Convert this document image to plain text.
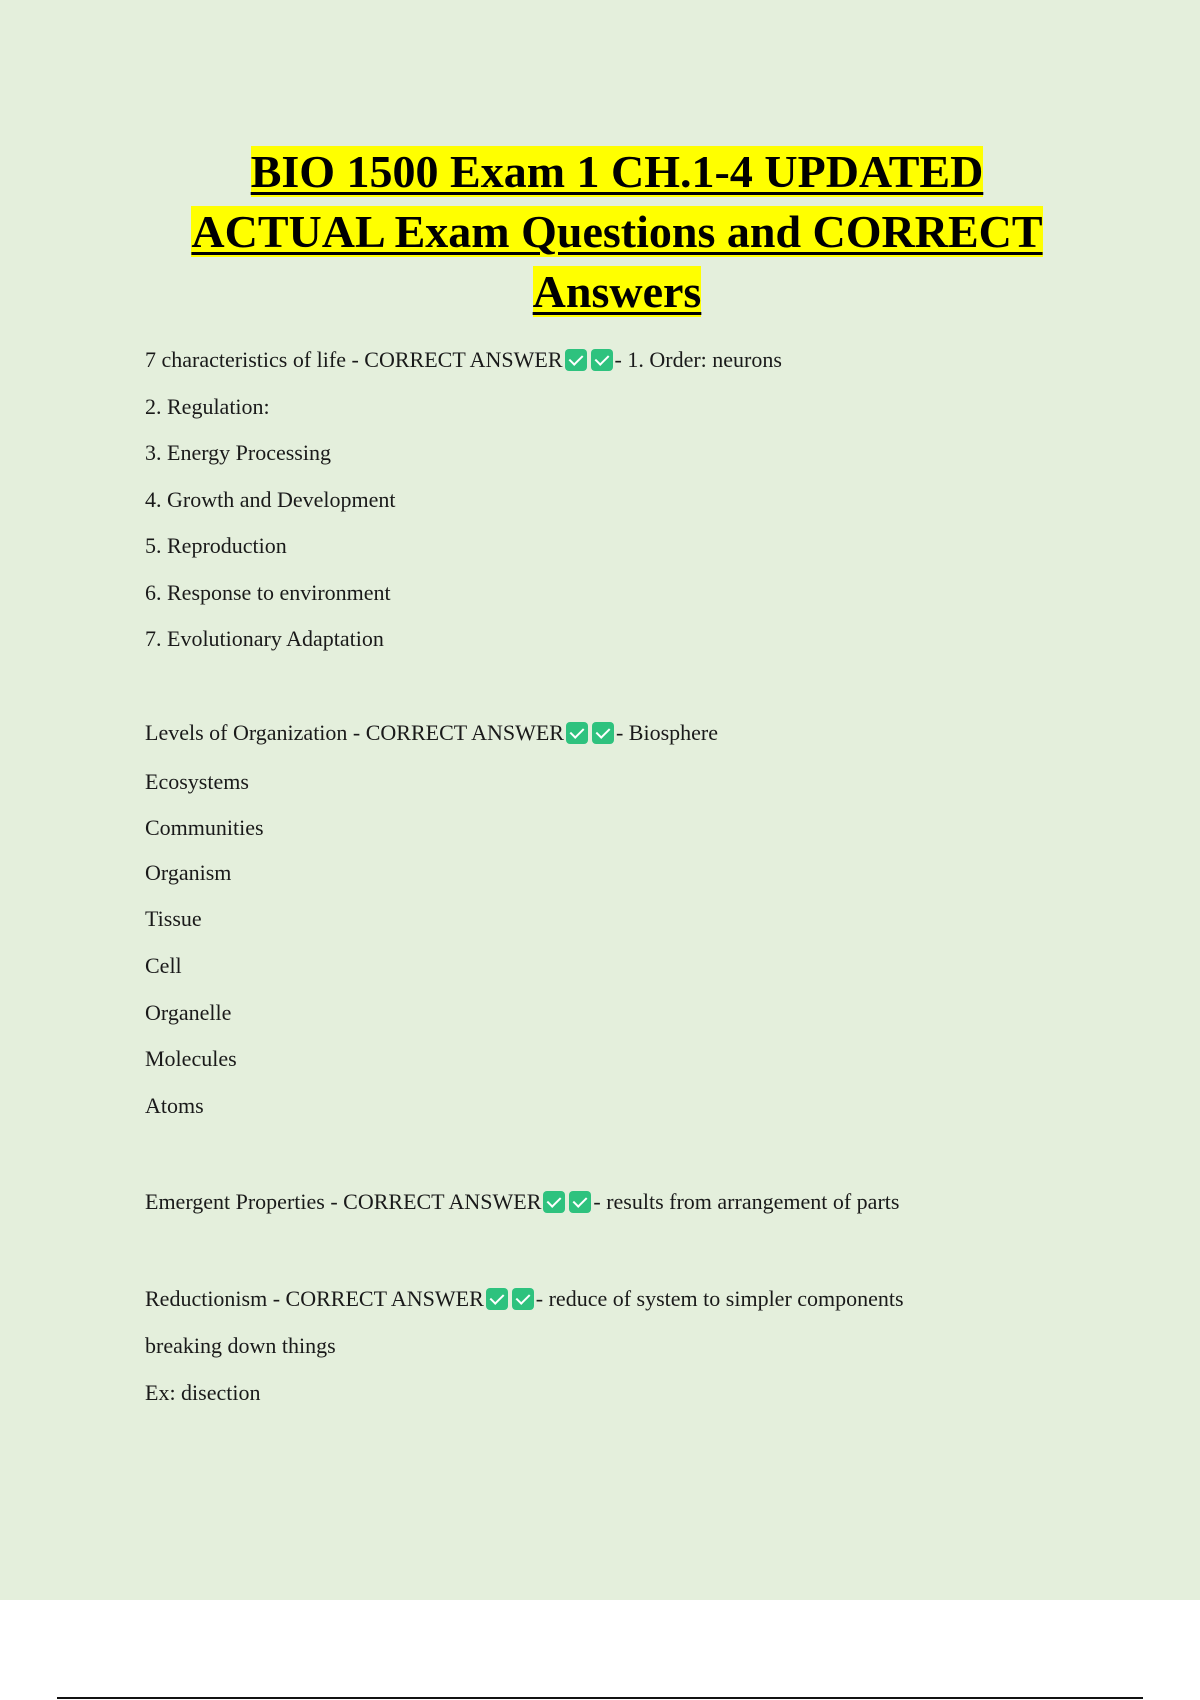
BIO 1500 Exam 1 CH.1-4 UPDATED
ACTUAL Exam Questions and CORRECT
Answers

7 characteristics of life - CORRECT ANSWER - 1. Order: neurons

2. Regulation:

3. Energy Processing

4. Growth and Development

5. Reproduction

6. Response to environment

7. Evolutionary Adaptation

Levels of Organization - CORRECT ANSWER - Biosphere

Ecosystems

Communities

Organism

Tissue

Cell

Organelle

Molecules

Atoms

Emergent Properties - CORRECT ANSWER - results from arrangement of parts

Reductionism - CORRECT ANSWER - reduce of system to simpler components

breaking down things

Ex: disection
